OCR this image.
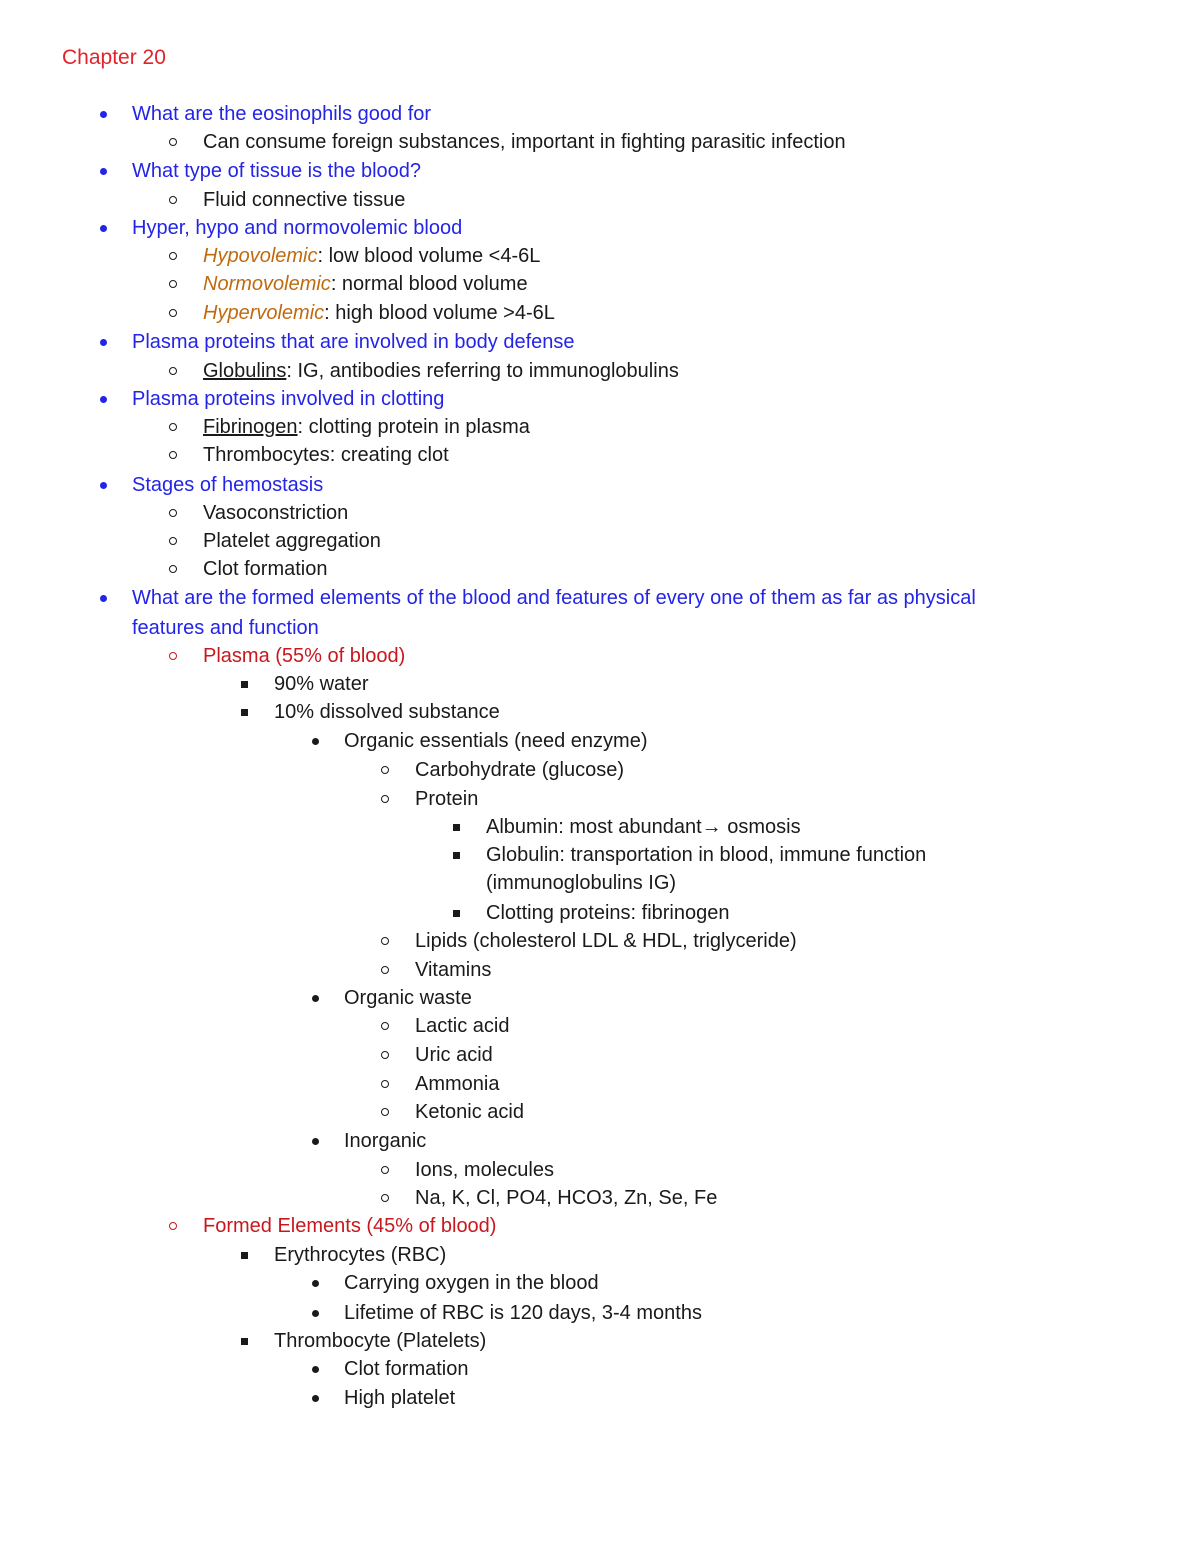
Chapter 20
What are the eosinophils good for
Can consume foreign substances, important in fighting parasitic infection
What type of tissue is the blood?
Fluid connective tissue
Hyper, hypo and normovolemic blood
Hypovolemic: low blood volume <4-6L
Normovolemic: normal blood volume
Hypervolemic: high blood volume >4-6L
Plasma proteins that are involved in body defense
Globulins: IG, antibodies referring to immunoglobulins
Plasma proteins involved in clotting
Fibrinogen: clotting protein in plasma
Thrombocytes: creating clot
Stages of hemostasis
Vasoconstriction
Platelet aggregation
Clot formation
What are the formed elements of the blood and features of every one of them as far as physical
features and function
Plasma (55% of blood)
90% water
10% dissolved substance
Organic essentials (need enzyme)
Carbohydrate (glucose)
Protein
Albumin: most abundant→ osmosis
Globulin: transportation in blood, immune function
(immunoglobulins IG)
Clotting proteins: fibrinogen
Lipids (cholesterol LDL & HDL, triglyceride)
Vitamins
Organic waste
Lactic acid
Uric acid
Ammonia
Ketonic acid
Inorganic
Ions, molecules
Na, K, Cl, PO4, HCO3, Zn, Se, Fe
Formed Elements (45% of blood)
Erythrocytes (RBC)
Carrying oxygen in the blood
Lifetime of RBC is 120 days, 3-4 months
Thrombocyte (Platelets)
Clot formation
High platelet
